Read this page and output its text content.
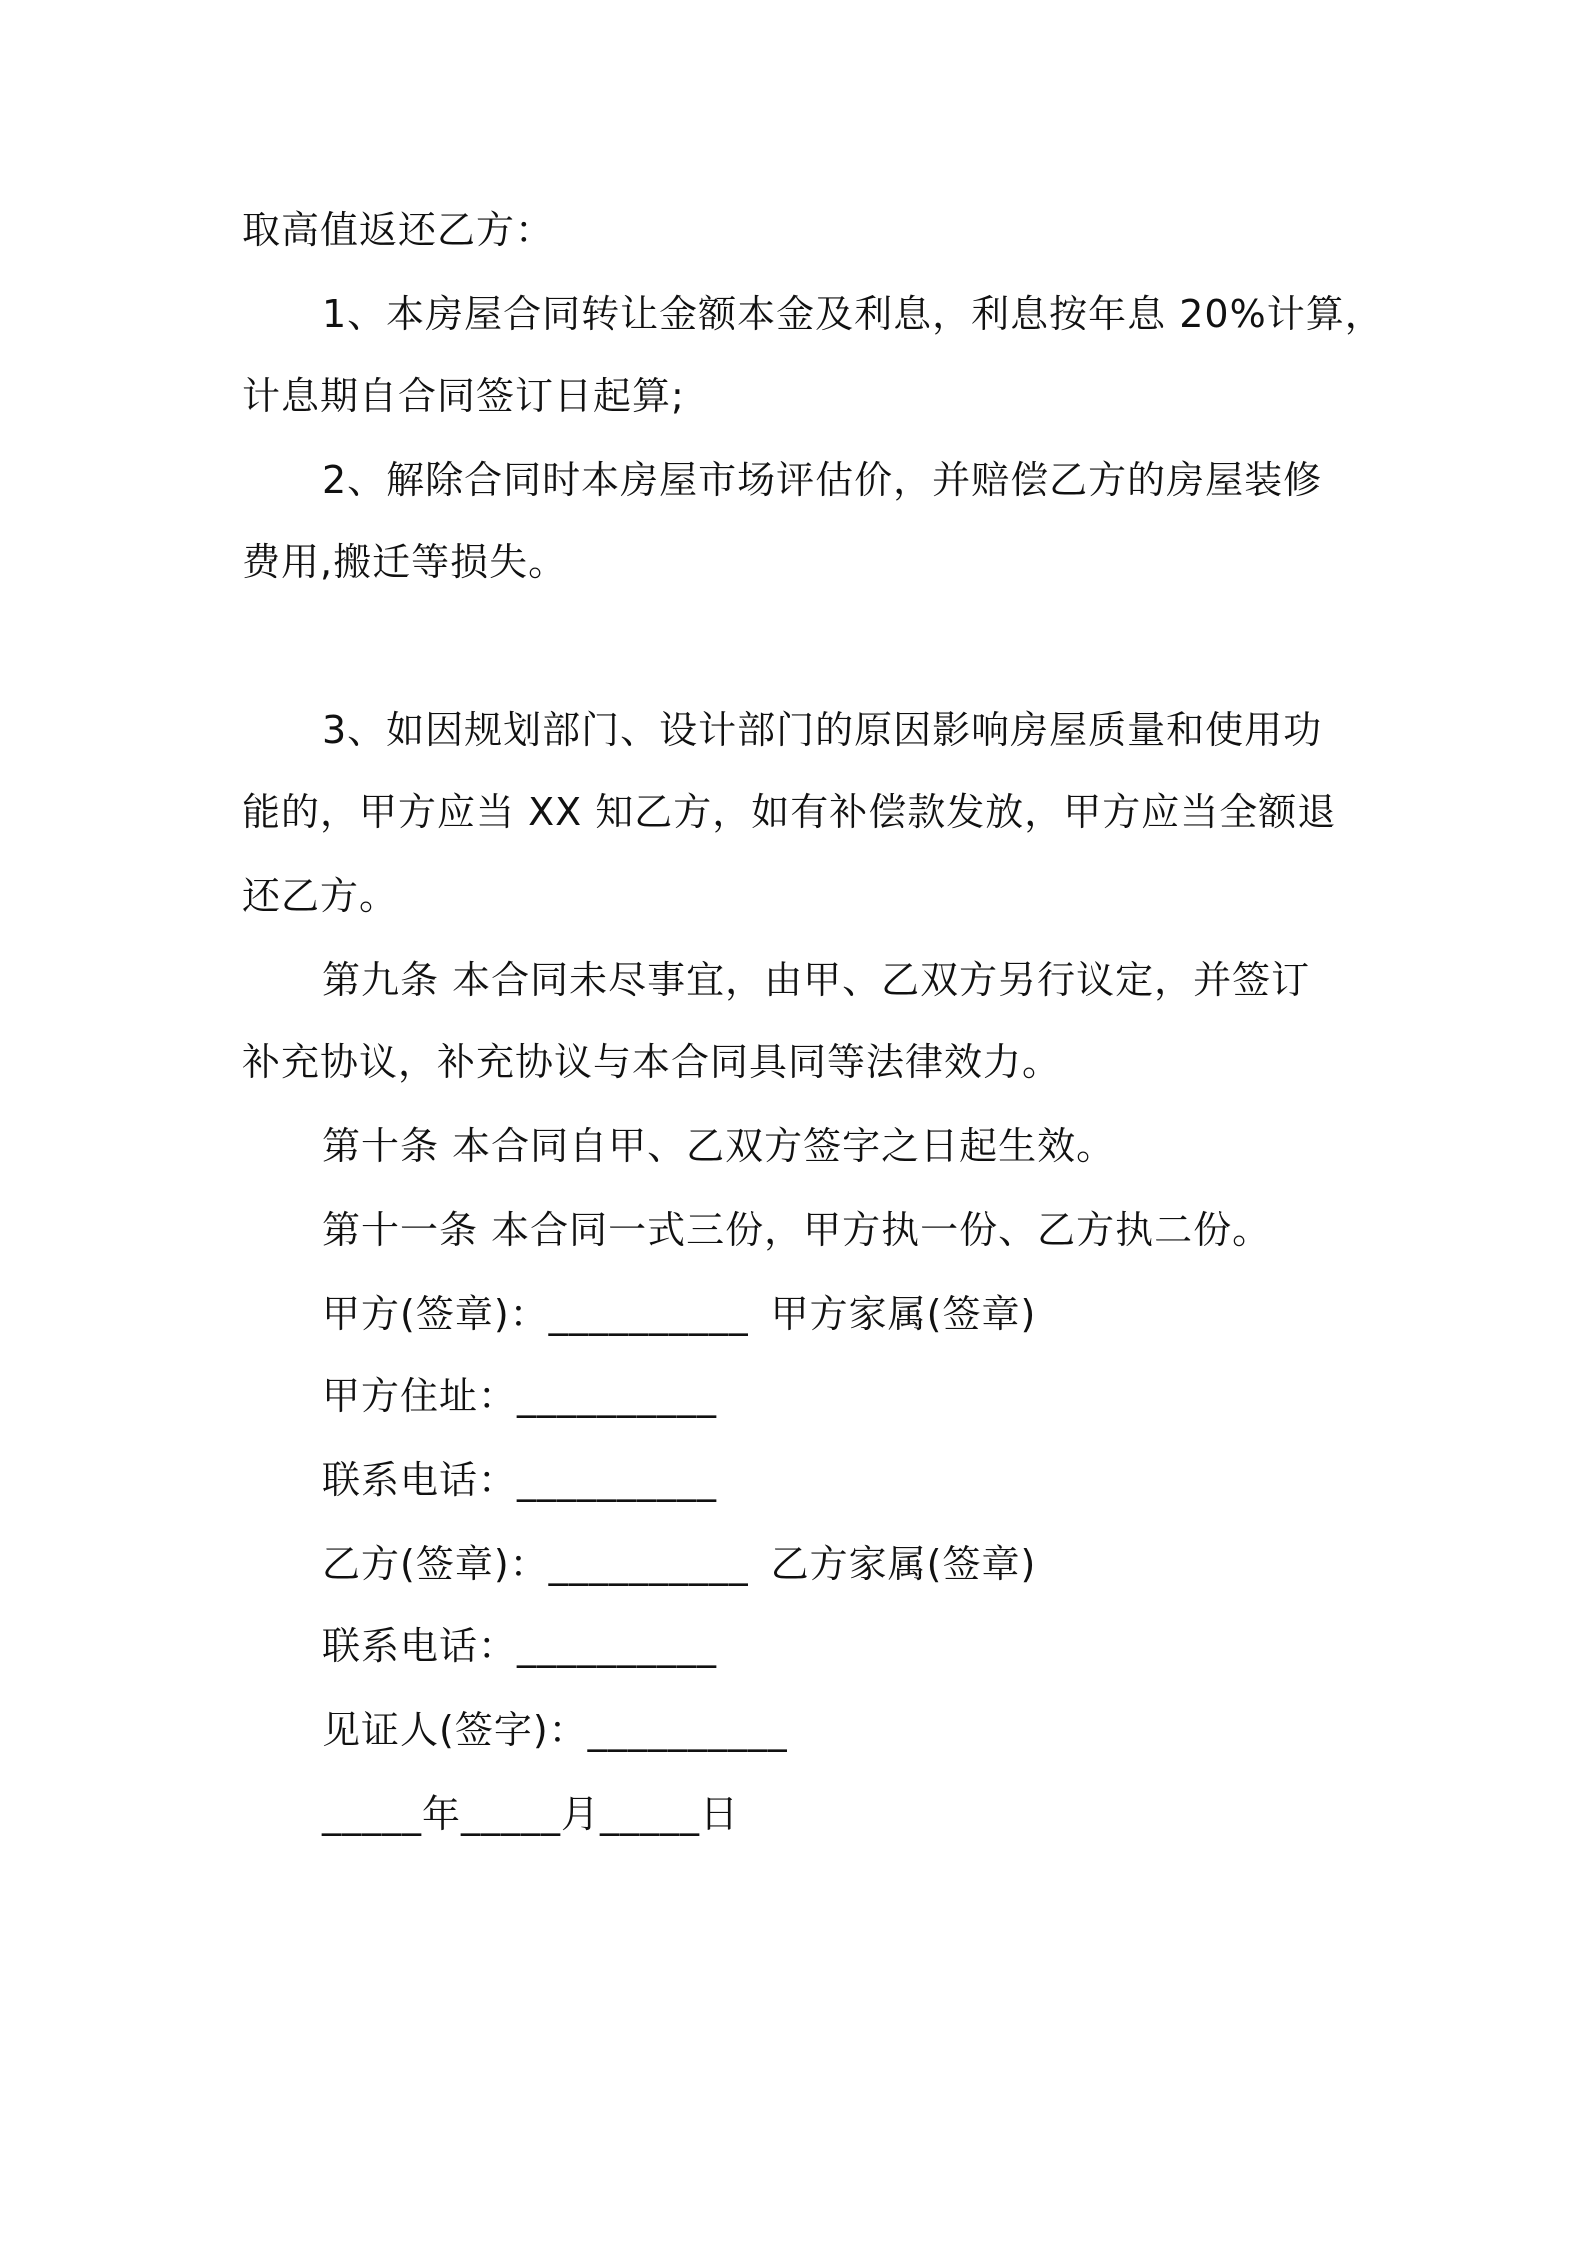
取高值返还乙方：
1、本房屋合同转让金额本金及利息，利息按年息 20%计算，
计息期自合同签订日起算;
2、解除合同时本房屋市场评估价，并赔偿乙方的房屋装修
费用,搬迁等损失。
3、如因规划部门、设计部门的原因影响房屋质量和使用功
能的，甲方应当 XX 知乙方，如有补偿款发放，甲方应当全额退
还乙方。
第九条 本合同未尽事宜，由甲、乙双方另行议定，并签订
补充协议，补充协议与本合同具同等法律效力。
第十条 本合同自甲、乙双方签字之日起生效。
第十一条 本合同一式三份，甲方执一份、乙方执二份。
甲方(签章)：__________ 甲方家属(签章)
甲方住址：__________
联系电话：__________
乙方(签章)：__________ 乙方家属(签章)
联系电话：__________
见证人(签字)：__________
_____年_____月_____日
